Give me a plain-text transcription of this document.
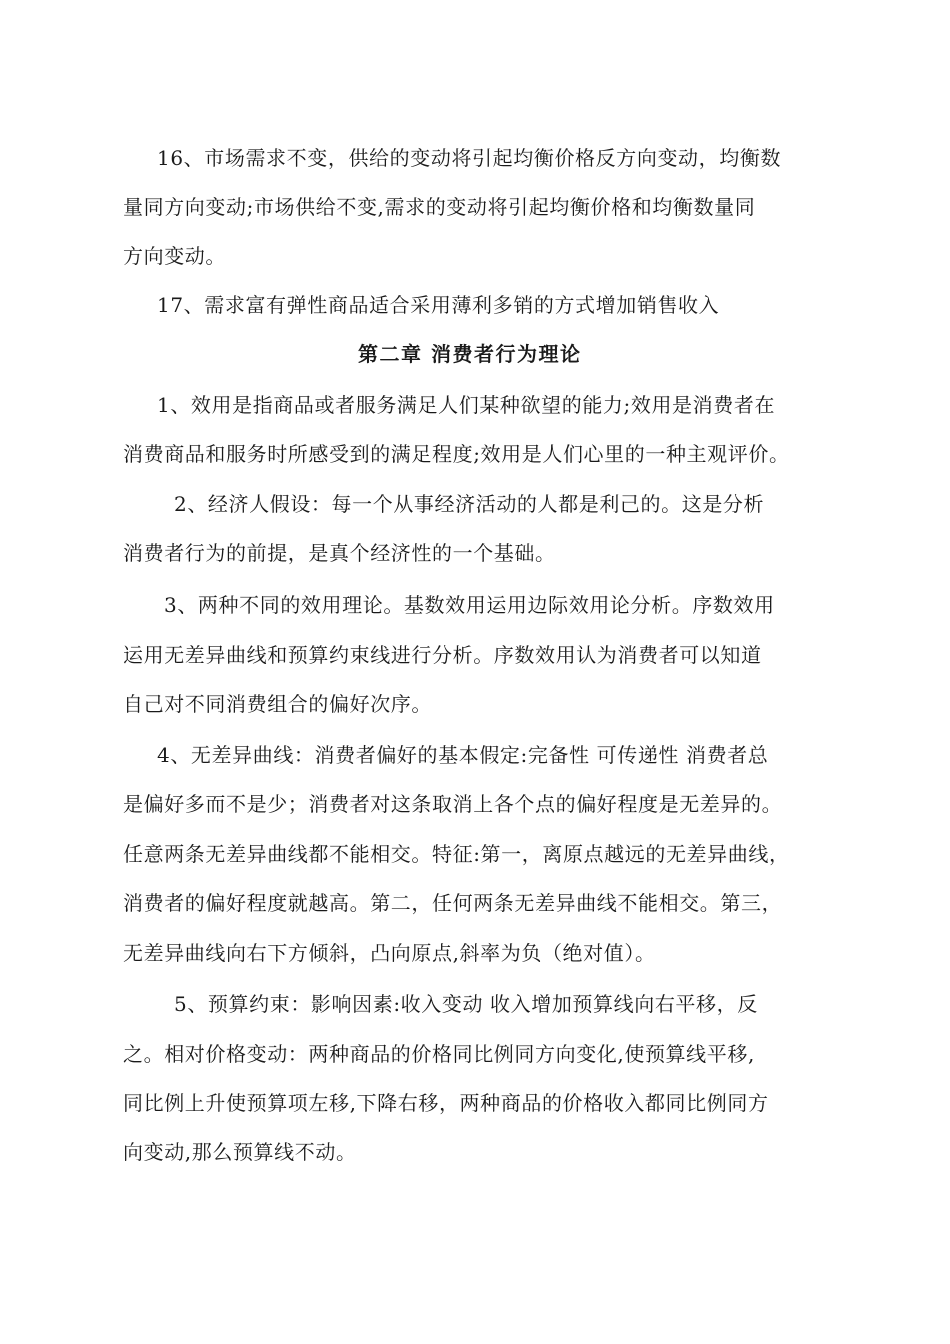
16、市场需求不变，供给的变动将引起均衡价格反方向变动，均衡数
量同方向变动;市场供给不变,需求的变动将引起均衡价格和均衡数量同
方向变动。
17、需求富有弹性商品适合采用薄利多销的方式增加销售收入
第二章 消费者行为理论
1、效用是指商品或者服务满足人们某种欲望的能力;效用是消费者在
消费商品和服务时所感受到的满足程度;效用是人们心里的一种主观评价。
2、经济人假设：每一个从事经济活动的人都是利己的。这是分析
消费者行为的前提，是真个经济性的一个基础。
3、两种不同的效用理论。基数效用运用边际效用论分析。序数效用
运用无差异曲线和预算约束线进行分析。序数效用认为消费者可以知道
自己对不同消费组合的偏好次序。
4、无差异曲线：消费者偏好的基本假定:完备性 可传递性 消费者总
是偏好多而不是少；消费者对这条取消上各个点的偏好程度是无差异的。
任意两条无差异曲线都不能相交。特征:第一，离原点越远的无差异曲线，
消费者的偏好程度就越高。第二，任何两条无差异曲线不能相交。第三，
无差异曲线向右下方倾斜，凸向原点,斜率为负（绝对值）。
5、预算约束：影响因素:收入变动 收入增加预算线向右平移，反
之。相对价格变动：两种商品的价格同比例同方向变化,使预算线平移,
同比例上升使预算项左移,下降右移，两种商品的价格收入都同比例同方
向变动,那么预算线不动。
